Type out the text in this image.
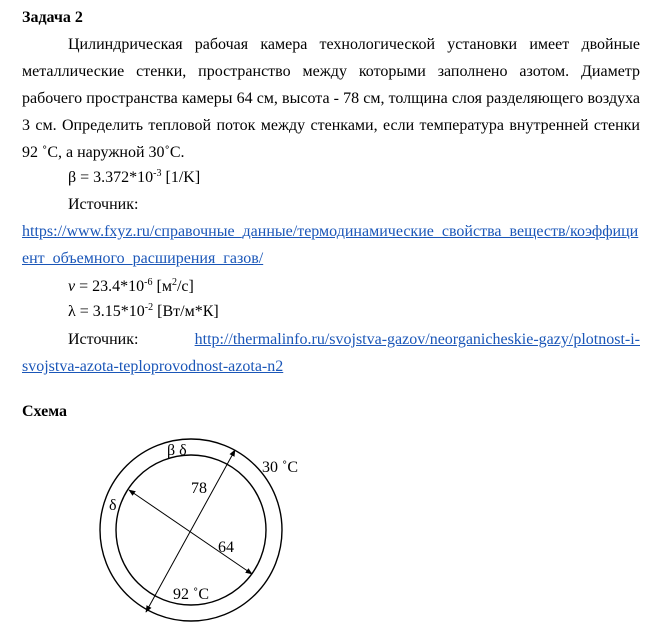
Задача 2
Цилиндрическая рабочая камера технологической установки имеет двойные
металлические стенки, пространство между которыми заполнено азотом. Диаметр
рабочего пространства камеры 64 см, высота - 78 см, толщина слоя разделяющего воздуха
3 см. Определить тепловой поток между стенками, если температура внутренней стенки
92 ˚С, а наружной 30˚С.
$\beta = 3.372*10^{-3}$ [1/K]
Источник:
https://www.fxyz.ru/справочные_данные/термодинамические_свойства_веществ/коэффици
ент_объемного_расширения_газов/
$\nu = 23.4*10^{-6}$ $[м^2/с]$
$\lambda = 3.15*10^{-2}$ [Вт/м*К]
Источник:	http://thermalinfo.ru/svojstva-gazov/neorganicheskie-gazy/plotnost-i-
svojstva-azota-teploprovodnost-azota-n2
Схема
β δ
δ
30 ˚С
92 ˚С
78
64
